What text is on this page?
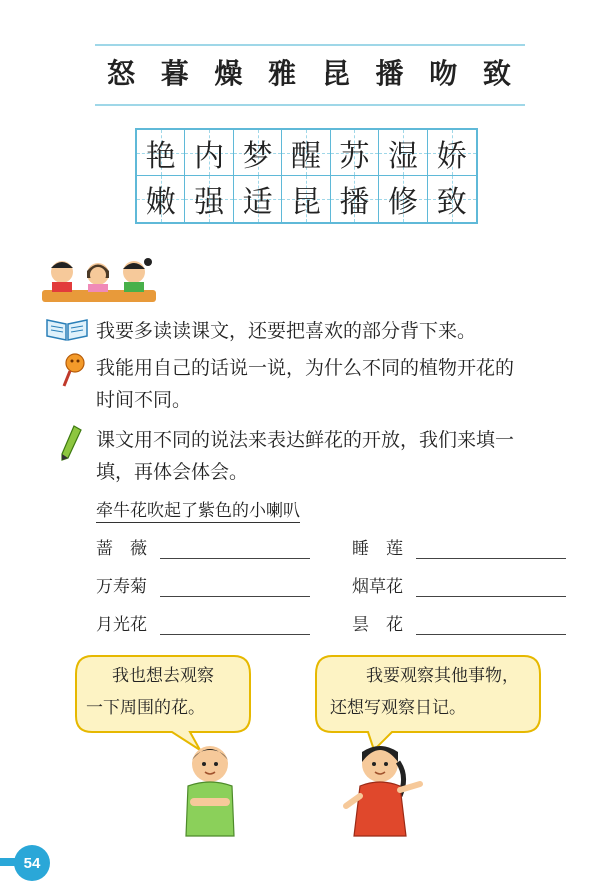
怒 暮 燥 雅 昆 播 吻 致
艳 内 梦 醒 苏 湿 娇
嫩 强 适 昆 播 修 致
我要多读读课文，还要把喜欢的部分背下来。
我能用自己的话说一说，为什么不同的植物开花的
时间不同。
课文用不同的说法来表达鲜花的开放，我们来填一
填，再体会体会。
牵牛花吹起了紫色的小喇叭
蔷　薇	睡　莲
万寿菊	烟草花
月光花	昙　花
我也想去观察
一下周围的花。
我要观察其他事物，
还想写观察日记。
54
